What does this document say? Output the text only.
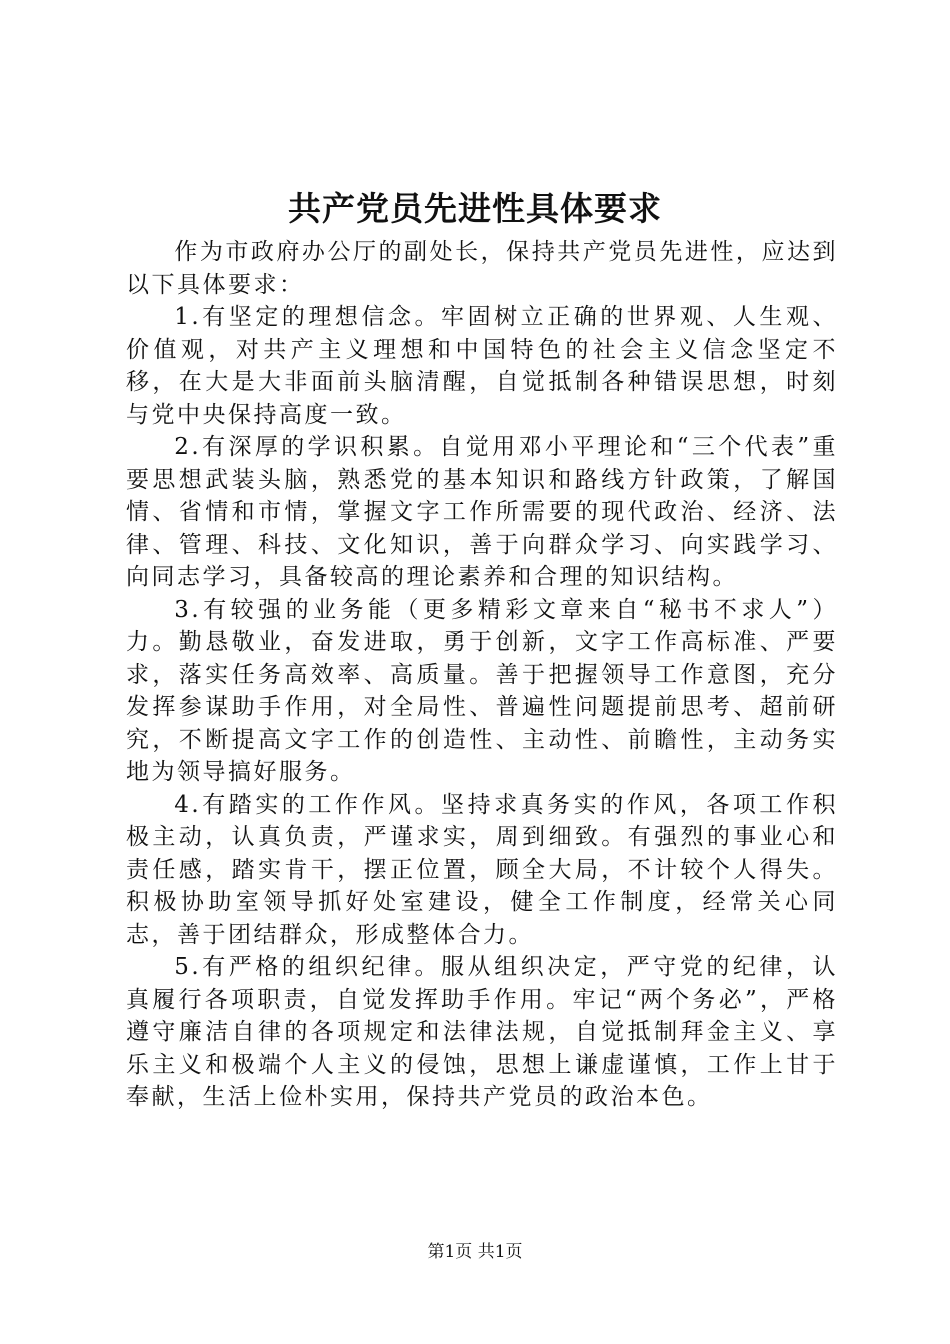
共产党员先进性具体要求

作为市政府办公厅的副处长，保持共产党员先进性，应达到以下具体要求：

1.有坚定的理想信念。牢固树立正确的世界观、人生观、价值观，对共产主义理想和中国特色的社会主义信念坚定不移，在大是大非面前头脑清醒，自觉抵制各种错误思想，时刻与党中央保持高度一致。

2.有深厚的学识积累。自觉用邓小平理论和“三个代表”重要思想武装头脑，熟悉党的基本知识和路线方针政策，了解国情、省情和市情，掌握文字工作所需要的现代政治、经济、法律、管理、科技、文化知识，善于向群众学习、向实践学习、向同志学习，具备较高的理论素养和合理的知识结构。

3.有较强的业务能（更多精彩文章来自“秘书不求人”）力。勤恳敬业，奋发进取，勇于创新，文字工作高标准、严要求，落实任务高效率、高质量。善于把握领导工作意图，充分发挥参谋助手作用，对全局性、普遍性问题提前思考、超前研究，不断提高文字工作的创造性、主动性、前瞻性，主动务实地为领导搞好服务。

4.有踏实的工作作风。坚持求真务实的作风，各项工作积极主动，认真负责，严谨求实，周到细致。有强烈的事业心和责任感，踏实肯干，摆正位置，顾全大局，不计较个人得失。积极协助室领导抓好处室建设，健全工作制度，经常关心同志，善于团结群众，形成整体合力。

5.有严格的组织纪律。服从组织决定，严守党的纪律，认真履行各项职责，自觉发挥助手作用。牢记“两个务必”，严格遵守廉洁自律的各项规定和法律法规，自觉抵制拜金主义、享乐主义和极端个人主义的侵蚀，思想上谦虚谨慎，工作上甘于奉献，生活上俭朴实用，保持共产党员的政治本色。

第1页 共1页
